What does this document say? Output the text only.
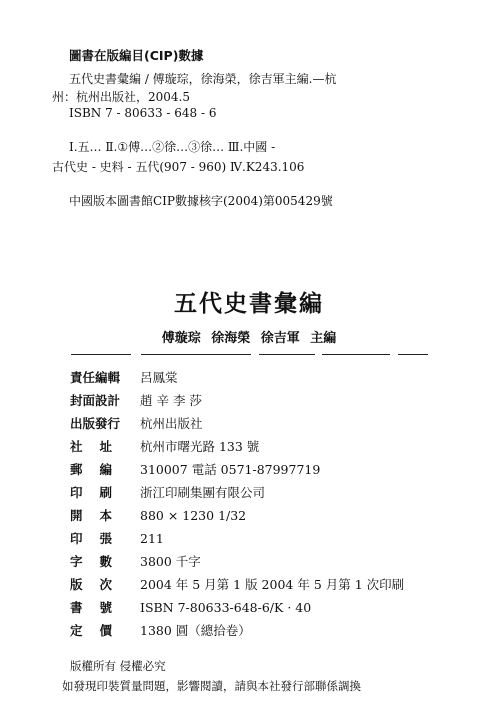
圖書在版編目(CIP)數據
五代史書彙編 / 傅璇琮，徐海榮，徐吉軍主編.—杭
州：杭州出版社，2004.5
ISBN 7 - 80633 - 648 - 6
Ⅰ.五… Ⅱ.①傅…②徐…③徐… Ⅲ.中國 -
古代史 - 史料 - 五代(907 - 960) Ⅳ.K243.106
中國版本圖書館CIP數據核字(2004)第005429號
五代史書彙編
傅璇琮 徐海榮 徐吉軍 主編
責任編輯 呂鳳棠
封面設計 趙 辛 李 莎
出版發行 杭州出版社
社址 杭州市曙光路 133 號
郵編 310007 電話 0571-87997719
印刷 浙江印刷集團有限公司
開本 880 × 1230 1/32
印張 211
字數 3800 千字
版次 2004 年 5 月第 1 版 2004 年 5 月第 1 次印刷
書號 ISBN 7-80633-648-6/K · 40
定價 1380 圓（總拾卷）
版權所有 侵權必究
如發現印裝質量問題，影響閱讀，請與本社發行部聯係調換
